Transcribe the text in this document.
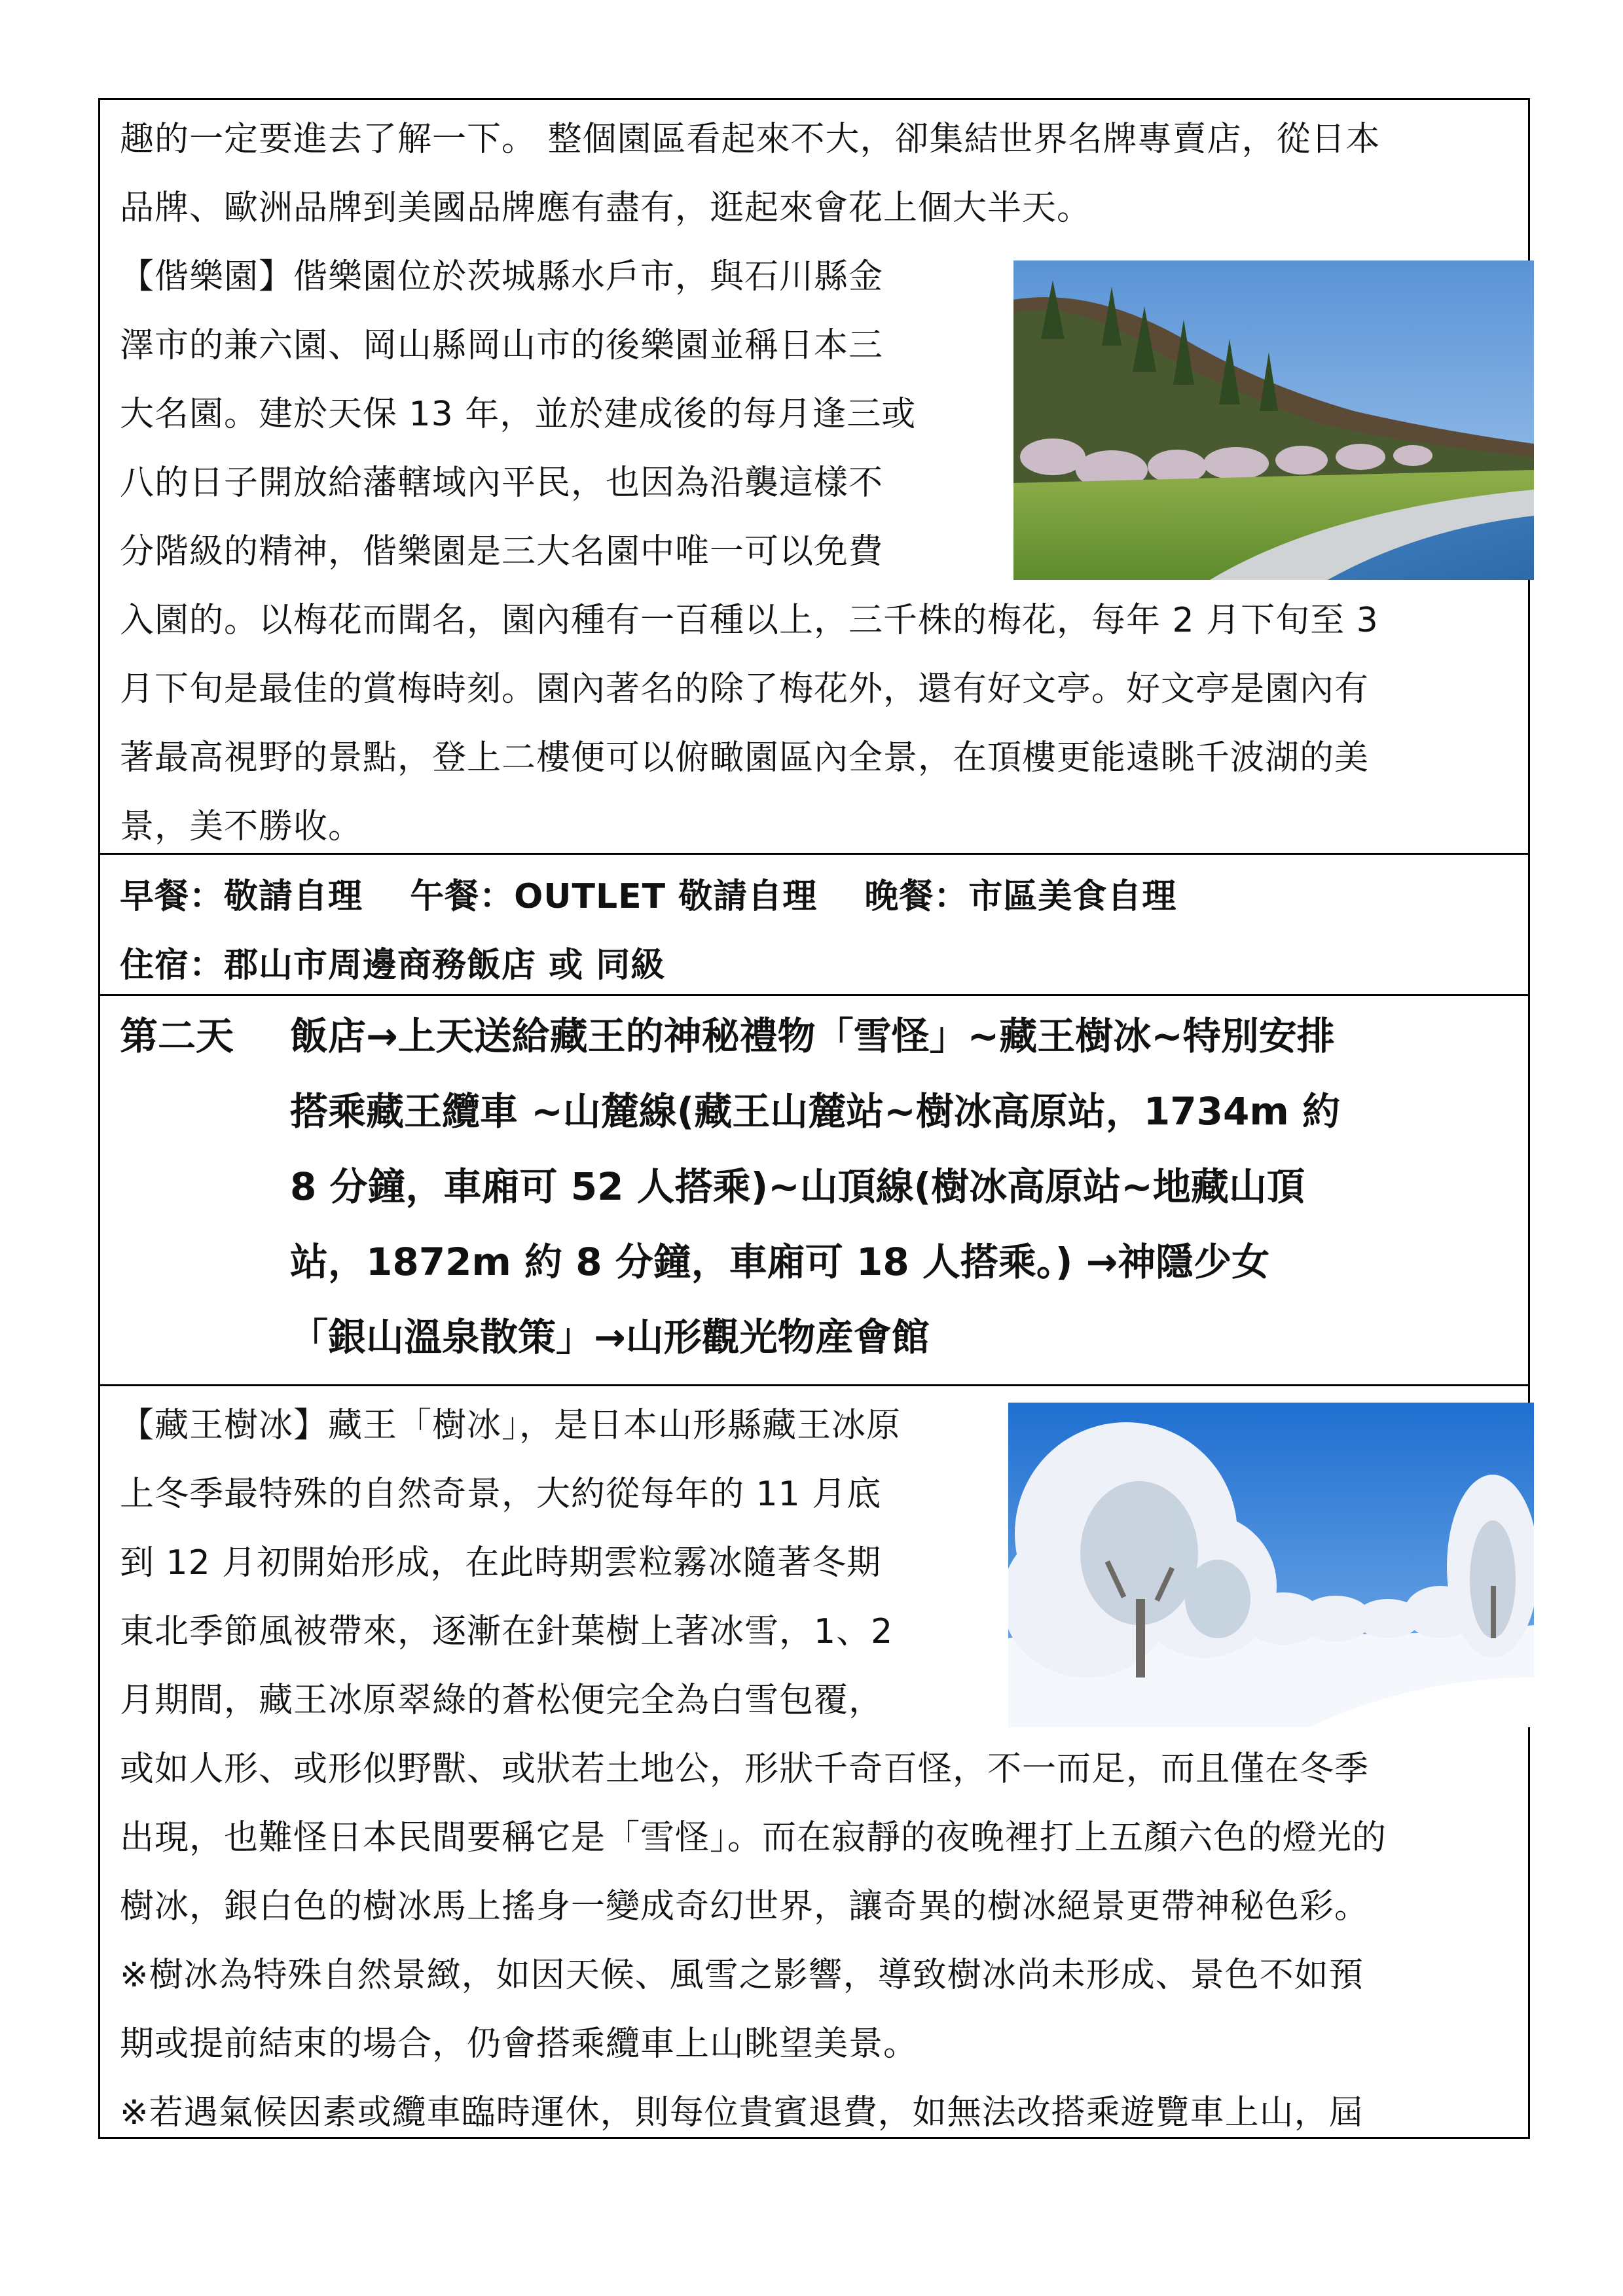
趣的一定要進去了解一下。 整個園區看起來不大，卻集結世界名牌專賣店，從日本
品牌、歐洲品牌到美國品牌應有盡有，逛起來會花上個大半天。
【偕樂園】偕樂園位於茨城縣水戶市，與石川縣金
澤市的兼六園、岡山縣岡山市的後樂園並稱日本三
大名園。建於天保 13 年，並於建成後的每月逢三或
八的日子開放給藩轄域內平民，也因為沿襲這樣不
分階級的精神，偕樂園是三大名園中唯一可以免費
入園的。以梅花而聞名，園內種有一百種以上，三千株的梅花，每年 2 月下旬至 3
月下旬是最佳的賞梅時刻。園內著名的除了梅花外，還有好文亭。好文亭是園內有
著最高視野的景點，登上二樓便可以俯瞰園區內全景，在頂樓更能遠眺千波湖的美
景，美不勝收。
早餐：敬請自理　 午餐：OUTLET 敬請自理　 晚餐：市區美食自理
住宿：郡山市周邊商務飯店 或 同級
第二天 飯店→上天送給藏王的神秘禮物「雪怪」~藏王樹冰~特別安排
搭乘藏王纜車 ~山麓線(藏王山麓站~樹冰高原站，1734m 約
8 分鐘，車廂可 52 人搭乘)~山頂線(樹冰高原站~地藏山頂
站，1872m 約 8 分鐘，車廂可 18 人搭乘。) →神隱少女
「銀山溫泉散策」→山形觀光物産會館
【藏王樹冰】藏王「樹冰」，是日本山形縣藏王冰原
上冬季最特殊的自然奇景，大約從每年的 11 月底
到 12 月初開始形成，在此時期雲粒霧冰隨著冬期
東北季節風被帶來，逐漸在針葉樹上著冰雪，1、2
月期間，藏王冰原翠綠的蒼松便完全為白雪包覆，
或如人形、或形似野獸、或狀若土地公，形狀千奇百怪，不一而足，而且僅在冬季
出現，也難怪日本民間要稱它是「雪怪」。而在寂靜的夜晚裡打上五顏六色的燈光的
樹冰，銀白色的樹冰馬上搖身一變成奇幻世界，讓奇異的樹冰絕景更帶神秘色彩。
※樹冰為特殊自然景緻，如因天候、風雪之影響，導致樹冰尚未形成、景色不如預
期或提前結束的場合，仍會搭乘纜車上山眺望美景。
※若遇氣候因素或纜車臨時運休，則每位貴賓退費，如無法改搭乘遊覽車上山，屆
